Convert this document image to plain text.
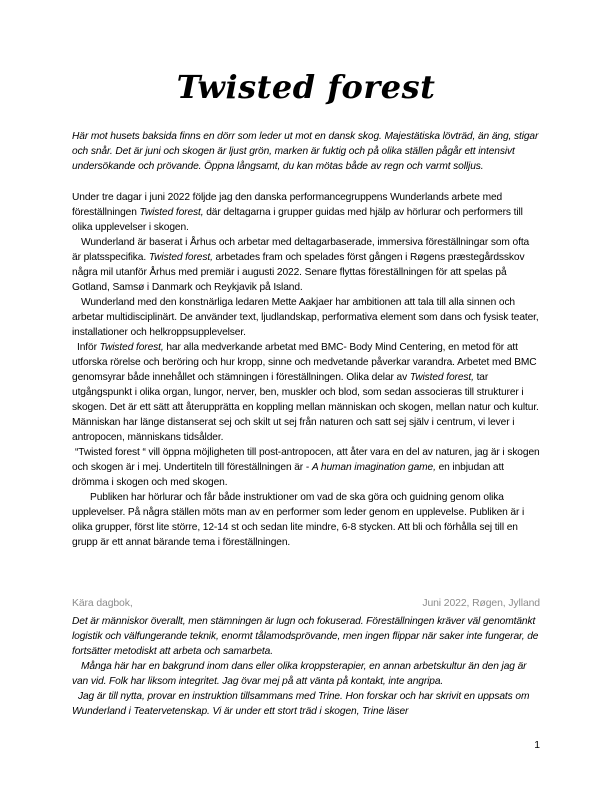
Twisted forest

Här mot husets baksida finns en dörr som leder ut mot en dansk skog. Majestätiska lövträd, än äng, stigar och snår. Det är juni och skogen är ljust grön, marken är fuktig och på olika ställen pågår ett intensivt undersökande och prövande. Öppna långsamt, du kan mötas både av regn och varmt solljus.

Under tre dagar i juni 2022 följde jag den danska performancegruppens Wunderlands arbete med föreställningen Twisted forest, där deltagarna i grupper guidas med hjälp av hörlurar och performers till olika upplevelser i skogen.

Wunderland är baserat i Århus och arbetar med deltagarbaserade, immersiva föreställningar som ofta är platsspecifika. Twisted forest, arbetades fram och spelades först gången i Røgens præstegårdsskov några mil utanför Århus med premiär i augusti 2022. Senare flyttas föreställningen för att spelas på Gotland, Samsø i Danmark och Reykjavik på Island.

Wunderland med den konstnärliga ledaren Mette Aakjaer har ambitionen att tala till alla sinnen och arbetar multidisciplinärt. De använder text, ljudlandskap, performativa element som dans och fysisk teater, installationer och helkroppsupplevelser.

Inför Twisted forest, har alla medverkande arbetat med BMC- Body Mind Centering, en metod för att utforska rörelse och beröring och hur kropp, sinne och medvetande påverkar varandra. Arbetet med BMC genomsyrar både innehållet och stämningen i föreställningen. Olika delar av Twisted forest, tar utgångspunkt i olika organ, lungor, nerver, ben, muskler och blod, som sedan associeras till strukturer i skogen. Det är ett sätt att återupprätta en koppling mellan människan och skogen, mellan natur och kultur. Människan har länge distanserat sej och skilt ut sej från naturen och satt sej själv i centrum, vi lever i antropocen, människans tidsålder.

“Twisted forest “ vill öppna möjligheten till post-antropocen, att åter vara en del av naturen, jag är i skogen och skogen är i mej. Undertiteln till föreställningen är - A human imagination game, en inbjudan att drömma i skogen och med skogen.

Publiken har hörlurar och får både instruktioner om vad de ska göra och guidning genom olika upplevelser. På några ställen möts man av en performer som leder genom en upplevelse. Publiken är i olika grupper, först lite större, 12-14 st och sedan lite mindre, 6-8 stycken. Att bli och förhålla sej till en grupp är ett annat bärande tema i föreställningen.

Kära dagbok,	Juni 2022, Røgen, Jylland

Det är människor överallt, men stämningen är lugn och fokuserad. Föreställningen kräver väl genomtänkt logistik och välfungerande teknik, enormt tålamodsprövande, men ingen flippar när saker inte fungerar, de fortsätter metodiskt att arbeta och samarbeta.

Många här har en bakgrund inom dans eller olika kroppsterapier, en annan arbetskultur än den jag är van vid. Folk har liksom integritet. Jag övar mej på att vänta på kontakt, inte angripa.

Jag är till nytta, provar en instruktion tillsammans med Trine. Hon forskar och har skrivit en uppsats om Wunderland i Teatervetenskap. Vi är under ett stort träd i skogen, Trine läser

1
